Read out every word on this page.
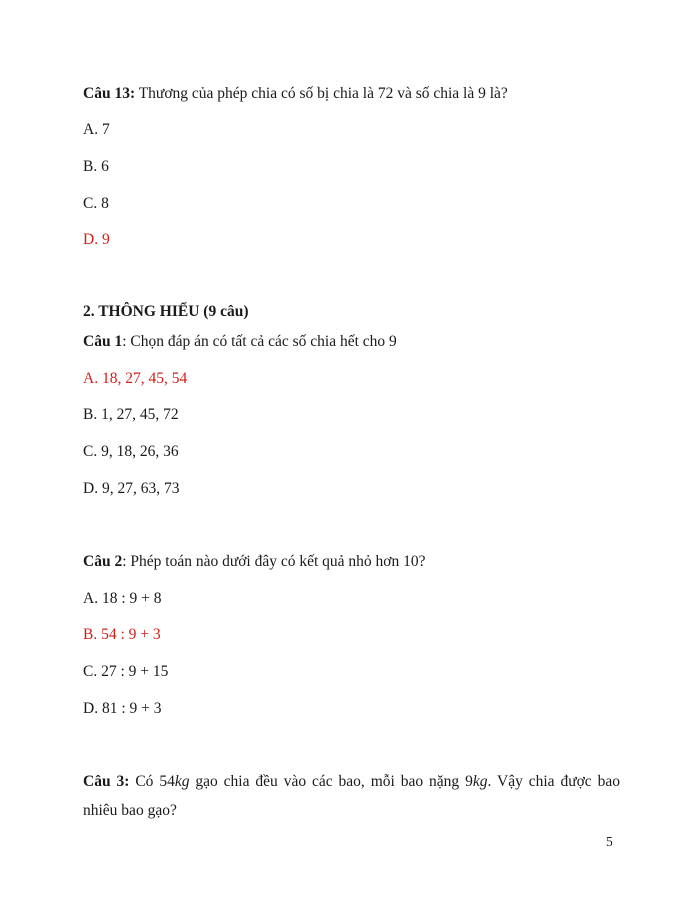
Câu 13: Thương của phép chia có số bị chia là 72 và số chia là 9 là?
A. 7
B. 6
C. 8
D. 9
2. THÔNG HIỂU (9 câu)
Câu 1: Chọn đáp án có tất cả các số chia hết cho 9
A. 18, 27, 45, 54
B. 1, 27, 45, 72
C. 9, 18, 26, 36
D. 9, 27, 63, 73
Câu 2: Phép toán nào dưới đây có kết quả nhỏ hơn 10?
A. 18 : 9 + 8
B. 54 : 9 + 3
C. 27 : 9 + 15
D. 81 : 9 + 3
Câu 3: Có 54kg gạo chia đều vào các bao, mỗi bao nặng 9kg. Vậy chia được bao
nhiêu bao gạo?
5
